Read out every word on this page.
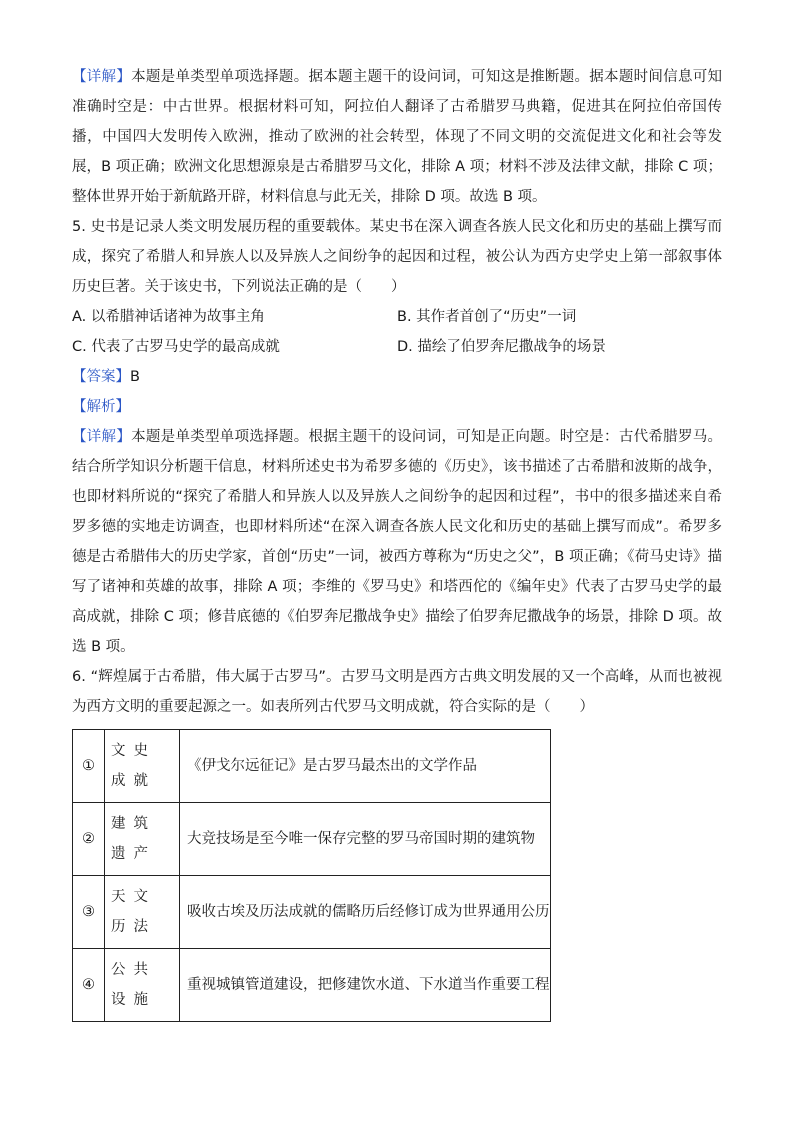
【详解】本题是单类型单项选择题。据本题主题干的设问词，可知这是推断题。据本题时间信息可知准确时空是：中古世界。根据材料可知，阿拉伯人翻译了古希腊罗马典籍，促进其在阿拉伯帝国传播，中国四大发明传入欧洲，推动了欧洲的社会转型，体现了不同文明的交流促进文化和社会等发展，B 项正确；欧洲文化思想源泉是古希腊罗马文化，排除 A 项；材料不涉及法律文献，排除 C 项；整体世界开始于新航路开辟，材料信息与此无关，排除 D 项。故选 B 项。

5. 史书是记录人类文明发展历程的重要载体。某史书在深入调查各族人民文化和历史的基础上撰写而成，探究了希腊人和异族人以及异族人之间纷争的起因和过程，被公认为西方史学史上第一部叙事体历史巨著。关于该史书，下列说法正确的是（　　）

A. 以希腊神话诸神为故事主角	B. 其作者首创了“历史”一词
C. 代表了古罗马史学的最高成就	D. 描绘了伯罗奔尼撒战争的场景

【答案】B

【解析】

【详解】本题是单类型单项选择题。根据主题干的设问词，可知是正向题。时空是：古代希腊罗马。结合所学知识分析题干信息，材料所述史书为希罗多德的《历史》，该书描述了古希腊和波斯的战争，也即材料所说的“探究了希腊人和异族人以及异族人之间纷争的起因和过程”，书中的很多描述来自希罗多德的实地走访调查，也即材料所述“在深入调查各族人民文化和历史的基础上撰写而成”。希罗多德是古希腊伟大的历史学家，首创“历史”一词，被西方尊称为“历史之父”，B 项正确；《荷马史诗》描写了诸神和英雄的故事，排除 A 项；李维的《罗马史》和塔西佗的《编年史》代表了古罗马史学的最高成就，排除 C 项；修昔底德的《伯罗奔尼撒战争史》描绘了伯罗奔尼撒战争的场景，排除 D 项。故选 B 项。

6. “辉煌属于古希腊，伟大属于古罗马”。古罗马文明是西方古典文明发展的又一个高峰，从而也被视为西方文明的重要起源之一。如表所列古代罗马文明成就，符合实际的是（　　）

①	文史成就	《伊戈尔远征记》是古罗马最杰出的文学作品
②	建筑遗产	大竞技场是至今唯一保存完整的罗马帝国时期的建筑物
③	天文历法	吸收古埃及历法成就的儒略历后经修订成为世界通用公历
④	公共设施	重视城镇管道建设，把修建饮水道、下水道当作重要工程
